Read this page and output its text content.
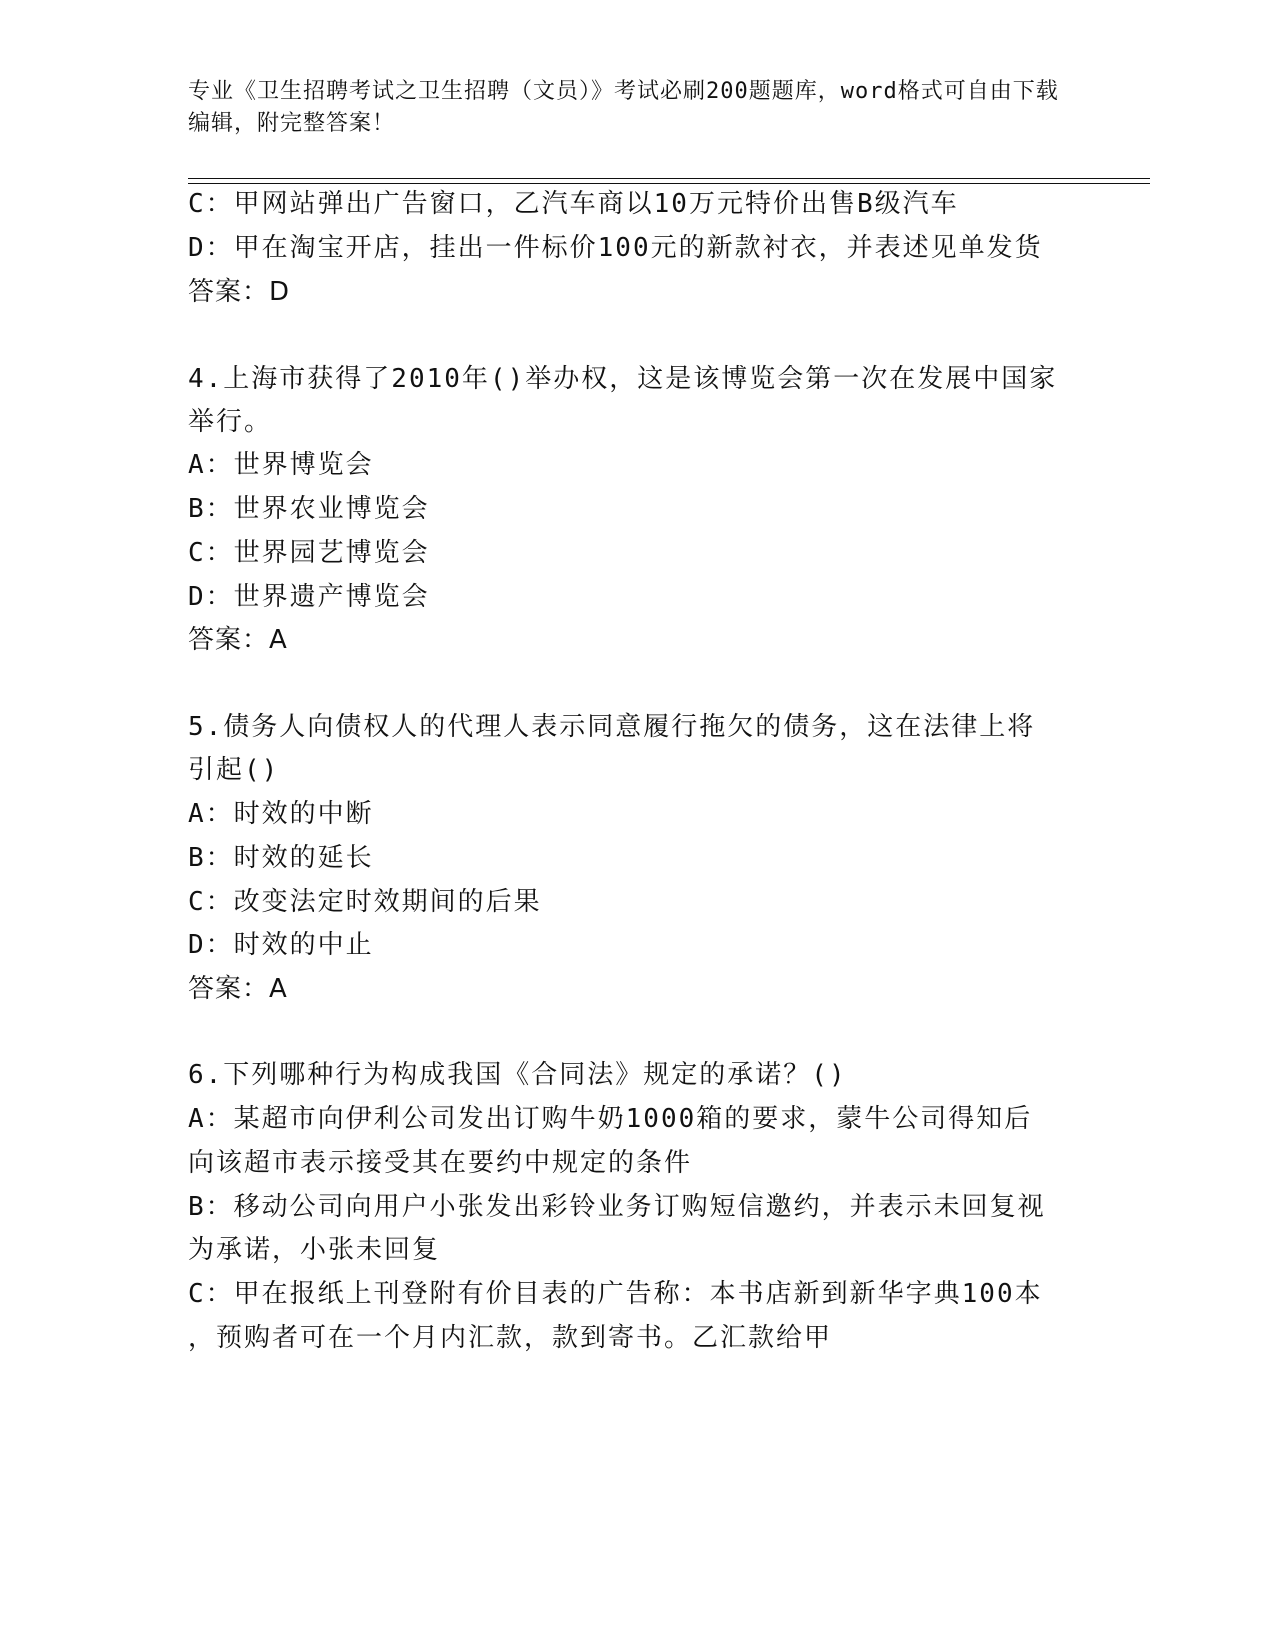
专业《卫生招聘考试之卫生招聘（文员）》考试必刷200题题库，word格式可自由下载编辑，附完整答案！
C：甲网站弹出广告窗口，乙汽车商以10万元特价出售B级汽车
D：甲在淘宝开店，挂出一件标价100元的新款衬衣，并表述见单发货
答案：D
4.上海市获得了2010年()举办权，这是该博览会第一次在发展中国家
举行。
A：世界博览会
B：世界农业博览会
C：世界园艺博览会
D：世界遗产博览会
答案：A
5.债务人向债权人的代理人表示同意履行拖欠的债务，这在法律上将
引起()
A：时效的中断
B：时效的延长
C：改变法定时效期间的后果
D：时效的中止
答案：A
6.下列哪种行为构成我国《合同法》规定的承诺？()
A：某超市向伊利公司发出订购牛奶1000箱的要求，蒙牛公司得知后
向该超市表示接受其在要约中规定的条件
B：移动公司向用户小张发出彩铃业务订购短信邀约，并表示未回复视
为承诺，小张未回复
C：甲在报纸上刊登附有价目表的广告称：本书店新到新华字典100本
，预购者可在一个月内汇款，款到寄书。乙汇款给甲
